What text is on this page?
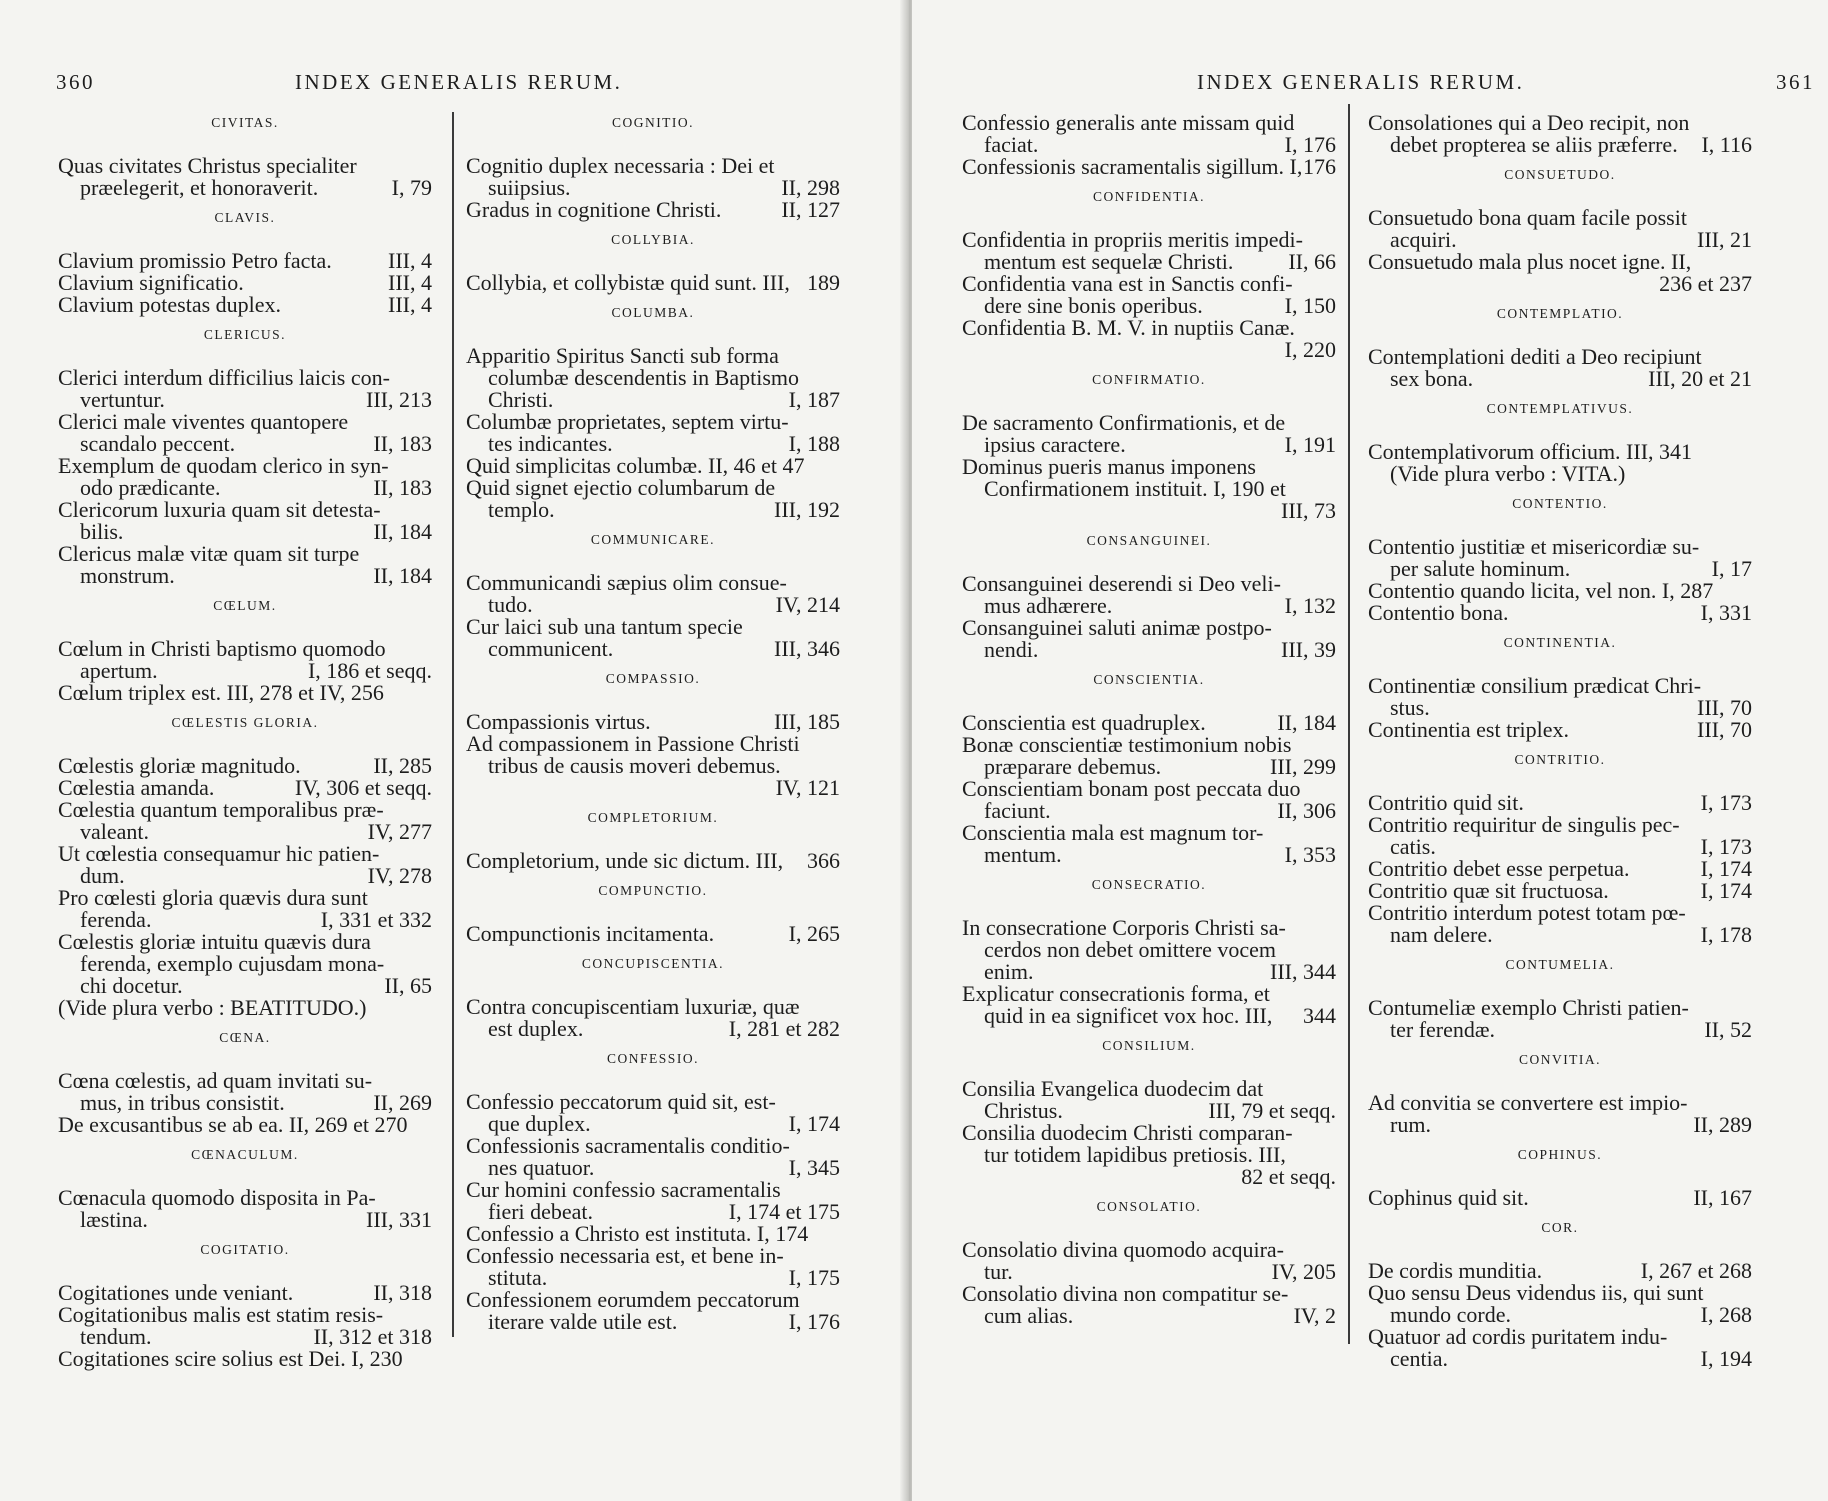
360	INDEX GENERALIS RERUM.

CIVITAS.

Quas civitates Christus specialiter
præelegerit, et honoraverit.	I, 79

CLAVIS.

Clavium promissio Petro facta.	III, 4
Clavium significatio.	III, 4
Clavium potestas duplex.	III, 4

CLERICUS.

Clerici interdum difficilius laicis con-
vertuntur.	III, 213
Clerici male viventes quantopere
scandalo peccent.	II, 183
Exemplum de quodam clerico in syn-
odo prædicante.	II, 183
Clericorum luxuria quam sit detesta-
bilis.	II, 184
Clericus malæ vitæ quam sit turpe
monstrum.	II, 184

CŒLUM.

Cœlum in Christi baptismo quomodo
apertum.	I, 186 et seqq.
Cœlum triplex est. III, 278 et IV, 256

CŒLESTIS GLORIA.

Cœlestis gloriæ magnitudo.	II, 285
Cœlestia amanda.	IV, 306 et seqq.
Cœlestia quantum temporalibus præ-
valeant.	IV, 277
Ut cœlestia consequamur hic patien-
dum.	IV, 278
Pro cœlesti gloria quævis dura sunt
ferenda.	I, 331 et 332
Cœlestis gloriæ intuitu quævis dura
ferenda, exemplo cujusdam mona-
chi docetur.	II, 65
(Vide plura verbo : BEATITUDO.)

CŒNA.

Cœna cœlestis, ad quam invitati su-
mus, in tribus consistit.	II, 269
De excusantibus se ab ea. II, 269 et 270

CŒNACULUM.

Cœnacula quomodo disposita in Pa-
læstina.	III, 331

COGITATIO.

Cogitationes unde veniant.	II, 318
Cogitationibus malis est statim resis-
tendum.	II, 312 et 318
Cogitationes scire solius est Dei. I, 230

COGNITIO.

Cognitio duplex necessaria : Dei et
suiipsius.	II, 298
Gradus in cognitione Christi.	II, 127

COLLYBIA.

Collybia, et collybistæ quid sunt. III, 189

COLUMBA.

Apparitio Spiritus Sancti sub forma
columbæ descendentis in Baptismo
Christi.	I, 187
Columbæ proprietates, septem virtu-
tes indicantes.	I, 188
Quid simplicitas columbæ. II, 46 et 47
Quid signet ejectio columbarum de
templo.	III, 192

COMMUNICARE.

Communicandi sæpius olim consue-
tudo.	IV, 214
Cur laici sub una tantum specie
communicent.	III, 346

COMPASSIO.

Compassionis virtus.	III, 185
Ad compassionem in Passione Christi
tribus de causis moveri debemus.
IV, 121

COMPLETORIUM.

Completorium, unde sic dictum. III, 366

COMPUNCTIO.

Compunctionis incitamenta.	I, 265

CONCUPISCENTIA.

Contra concupiscentiam luxuriæ, quæ
est duplex.	I, 281 et 282

CONFESSIO.

Confessio peccatorum quid sit, est-
que duplex.	I, 174
Confessionis sacramentalis conditio-
nes quatuor.	I, 345
Cur homini confessio sacramentalis
fieri debeat.	I, 174 et 175
Confessio a Christo est instituta. I, 174
Confessio necessaria est, et bene in-
stituta.	I, 175
Confessionem eorumdem peccatorum
iterare valde utile est.	I, 176
INDEX GENERALIS RERUM.	361
Confessio generalis ante missam quid
faciat.	I, 176
Confessionis sacramentalis sigillum. I, 176

CONFIDENTIA.

Confidentia in propriis meritis impedi-
mentum est sequelæ Christi.	II, 66
Confidentia vana est in Sanctis confi-
dere sine bonis operibus.	I, 150
Confidentia B. M. V. in nuptiis Canæ.
I, 220

CONFIRMATIO.

De sacramento Confirmationis, et de
ipsius caractere.	I, 191
Dominus pueris manus imponens
Confirmationem instituit. I, 190 et
III, 73

CONSANGUINEI.

Consanguinei deserendi si Deo veli-
mus adhærere.	I, 132
Consanguinei saluti animæ postpo-
nendi.	III, 39

CONSCIENTIA.

Conscientia est quadruplex.	II, 184
Bonæ conscientiæ testimonium nobis
præparare debemus.	III, 299
Conscientiam bonam post peccata duo
faciunt.	II, 306
Conscientia mala est magnum tor-
mentum.	I, 353

CONSECRATIO.

In consecratione Corporis Christi sa-
cerdos non debet omittere vocem
enim.	III, 344
Explicatur consecrationis forma, et
quid in ea significet vox hoc. III, 344

CONSILIUM.

Consilia Evangelica duodecim dat
Christus.	III, 79 et seqq.
Consilia duodecim Christi comparan-
tur totidem lapidibus pretiosis. III,
82 et seqq.

CONSOLATIO.

Consolatio divina quomodo acquira-
tur.	IV, 205
Consolatio divina non compatitur se-
cum alias.	IV, 2
Consolationes qui a Deo recipit, non
debet propterea se aliis præferre. I, 116

CONSUETUDO.

Consuetudo bona quam facile possit
acquiri.	III, 21
Consuetudo mala plus nocet igne. II,
236 et 237

CONTEMPLATIO.

Contemplationi dediti a Deo recipiunt
sex bona.	III, 20 et 21

CONTEMPLATIVUS.

Contemplativorum officium. III, 341
(Vide plura verbo : VITA.)

CONTENTIO.

Contentio justitiæ et misericordiæ su-
per salute hominum.	I, 17
Contentio quando licita, vel non. I, 287
Contentio bona.	I, 331

CONTINENTIA.

Continentiæ consilium prædicat Chri-
stus.	III, 70
Continentia est triplex.	III, 70

CONTRITIO.

Contritio quid sit.	I, 173
Contritio requiritur de singulis pec-
catis.	I, 173
Contritio debet esse perpetua.	I, 174
Contritio quæ sit fructuosa.	I, 174
Contritio interdum potest totam pœ-
nam delere.	I, 178

CONTUMELIA.

Contumeliæ exemplo Christi patien-
ter ferendæ.	II, 52

CONVITIA.

Ad convitia se convertere est impio-
rum.	II, 289

COPHINUS.

Cophinus quid sit.	II, 167

COR.

De cordis munditia.	I, 267 et 268
Quo sensu Deus videndus iis, qui sunt
mundo corde.	I, 268
Quatuor ad cordis puritatem indu-
centia.	I, 194
